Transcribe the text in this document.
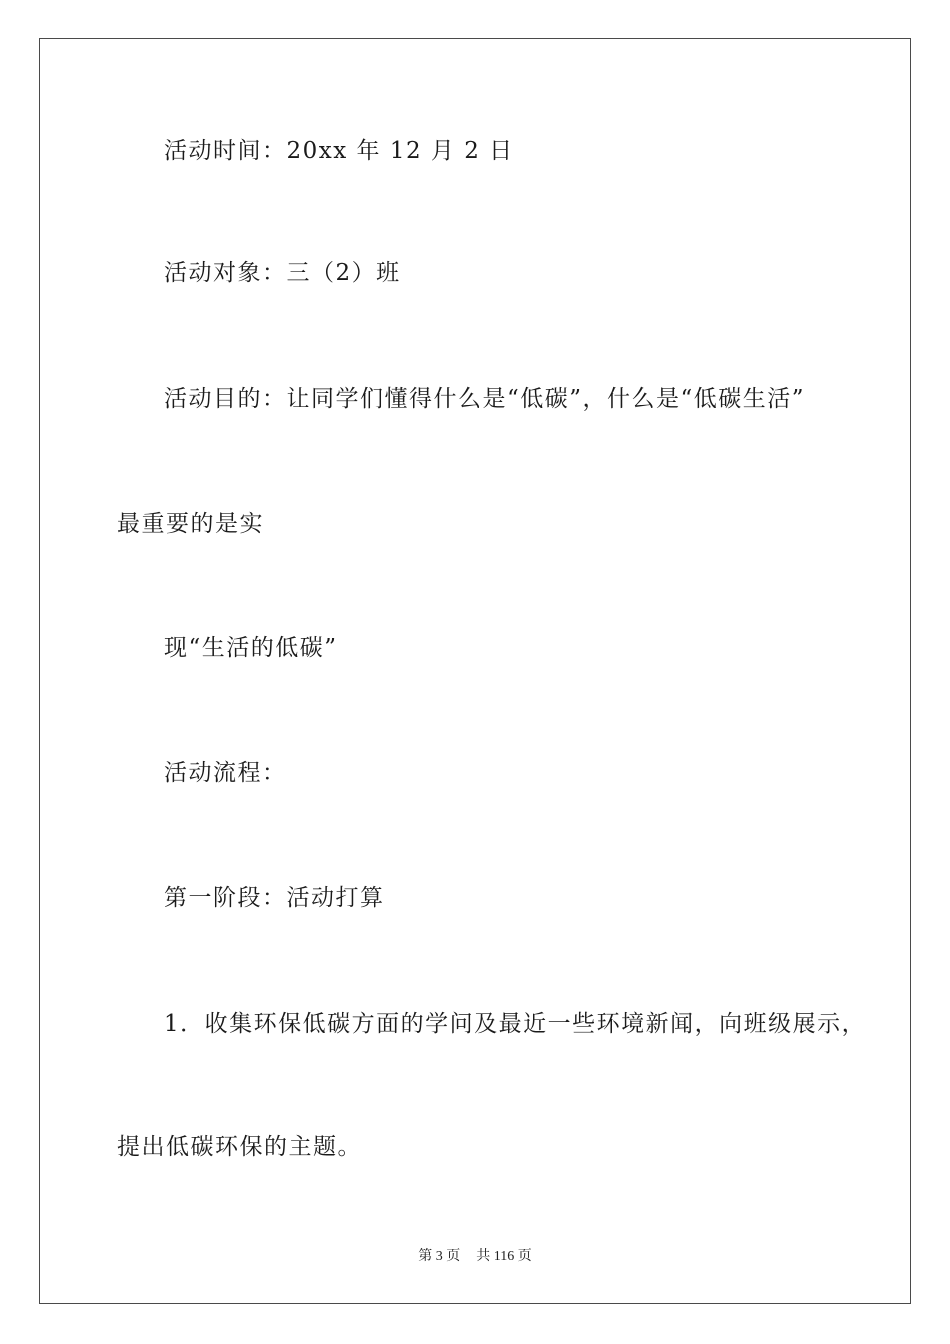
活动时间：20xx 年 12 月 2 日
活动对象：三（2）班
活动目的：让同学们懂得什么是“低碳”，什么是“低碳生活”
最重要的是实
现“生活的低碳”
活动流程：
第一阶段：活动打算
1．收集环保低碳方面的学问及最近一些环境新闻，向班级展示，
提出低碳环保的主题。
第 3 页 共 116 页
